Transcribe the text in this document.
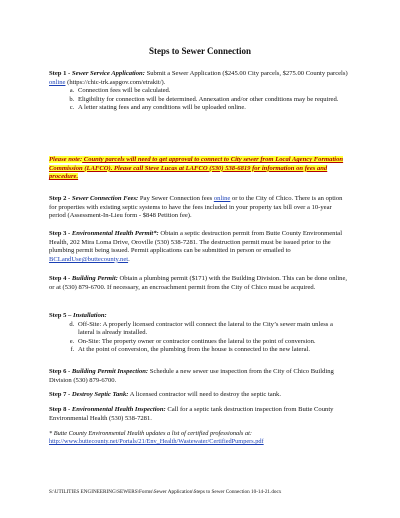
Steps to Sewer Connection
Step 1 - Sewer Service Application: Submit a Sewer Application ($245.00 City parcels, $275.00 County parcels) online (https://chic-trk.aspgov.com/etrakit/).
a. Connection fees will be calculated.
b. Eligibility for connection will be determined. Annexation and/or other conditions may be required.
c. A letter stating fees and any conditions will be uploaded online.
Please note: County parcels will need to get approval to connect to City sewer from Local Agency Formation Commission (LAFCO). Please call Steve Lucas at LAFCO (530) 538-6819 for information on fees and procedure.
Step 2 - Sewer Connection Fees: Pay Sewer Connection fees online or to the City of Chico. There is an option for properties with existing septic systems to have the fees included in your property tax bill over a 10-year period (Assessment-In-Lieu form - $848 Petition fee).
Step 3 - Environmental Health Permit*: Obtain a septic destruction permit from Butte County Environmental Health, 202 Mira Loma Drive, Oroville (530) 538-7281. The destruction permit must be issued prior to the plumbing permit being issued. Permit applications can be submitted in person or emailed to BCLandUse@buttecounty.net.
Step 4 - Building Permit: Obtain a plumbing permit ($171) with the Building Division. This can be done online, or at (530) 879-6700. If necessary, an encroachment permit from the City of Chico must be acquired.
Step 5 – Installation:
d. Off-Site: A properly licensed contractor will connect the lateral to the City’s sewer main unless a lateral is already installed.
e. On-Site: The property owner or contractor continues the lateral to the point of conversion.
f. At the point of conversion, the plumbing from the house is connected to the new lateral.
Step 6 - Building Permit Inspection: Schedule a new sewer use inspection from the City of Chico Building Division (530) 879-6700.
Step 7 - Destroy Septic Tank: A licensed contractor will need to destroy the septic tank.
Step 8 - Environmental Health Inspection: Call for a septic tank destruction inspection from Butte County Environmental Health (530) 538-7281.
* Butte County Environmental Health updates a list of certified professionals at:
http://www.buttecounty.net/Portals/21/Env_Health/Wastewater/CertifiedPumpers.pdf
S:\UTILITIES ENGINEERING\SEWERS\Forms\Sewer Application\Steps to Sewer Connection 10-14-21.docx
